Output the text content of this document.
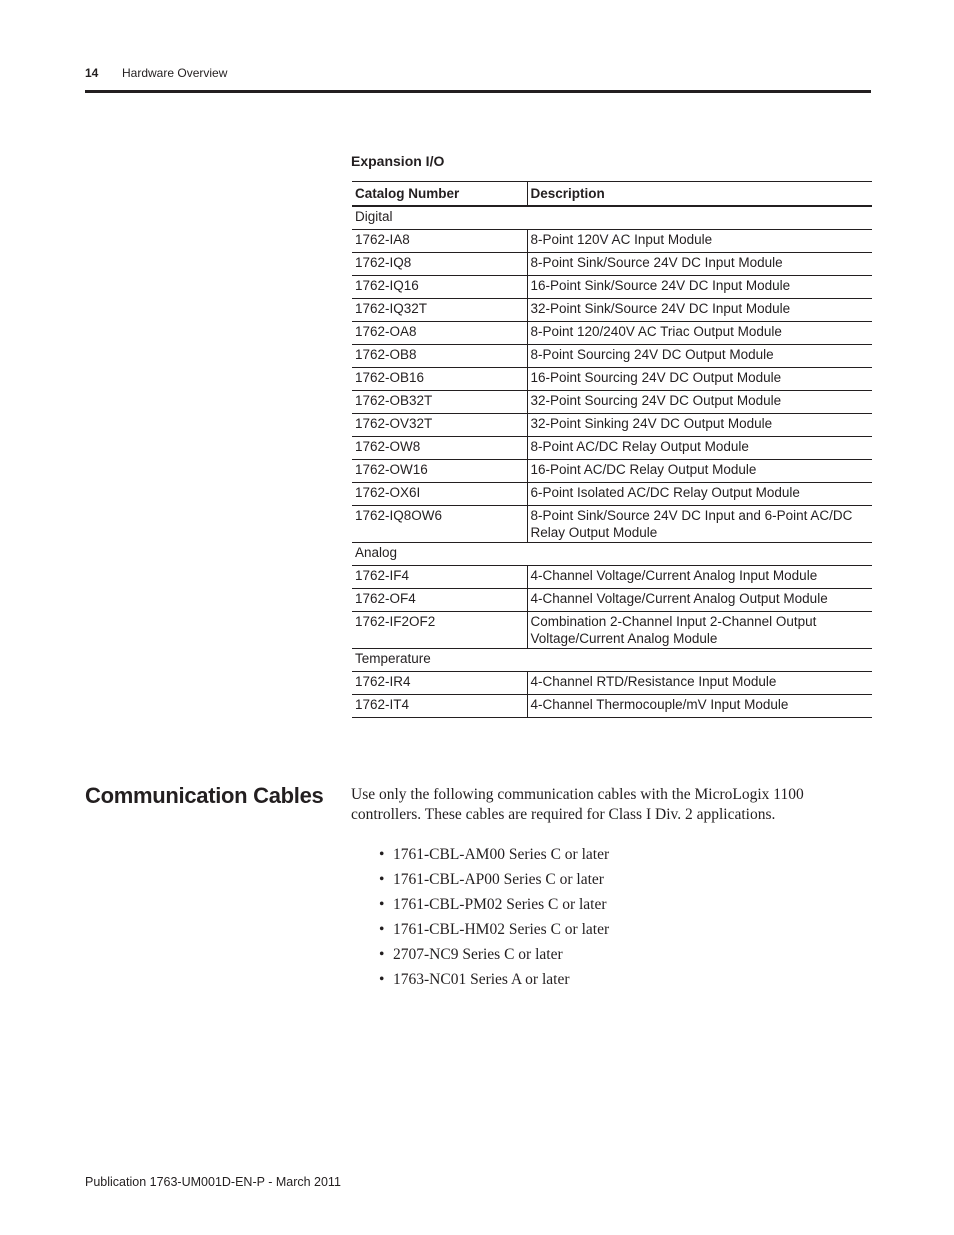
14 Hardware Overview
Expansion I/O
Catalog Number	Description
Digital	
1762-IA8	8-Point 120V AC Input Module
1762-IQ8	8-Point Sink/Source 24V DC Input Module
1762-IQ16	16-Point Sink/Source 24V DC Input Module
1762-IQ32T	32-Point Sink/Source 24V DC Input Module
1762-OA8	8-Point 120/240V AC Triac Output Module
1762-OB8	8-Point Sourcing 24V DC Output Module
1762-OB16	16-Point Sourcing 24V DC Output Module
1762-OB32T	32-Point Sourcing 24V DC Output Module
1762-OV32T	32-Point Sinking 24V DC Output Module
1762-OW8	8-Point AC/DC Relay Output Module
1762-OW16	16-Point AC/DC Relay Output Module
1762-OX6I	6-Point Isolated AC/DC Relay Output Module
1762-IQ8OW6	8-Point Sink/Source 24V DC Input and 6-Point AC/DC Relay Output Module
Analog	
1762-IF4	4-Channel Voltage/Current Analog Input Module
1762-OF4	4-Channel Voltage/Current Analog Output Module
1762-IF2OF2	Combination 2-Channel Input 2-Channel Output Voltage/Current Analog Module
Temperature	
1762-IR4	4-Channel RTD/Resistance Input Module
1762-IT4	4-Channel Thermocouple/mV Input Module
Communication Cables Use only the following communication cables with the MicroLogix 1100 controllers. These cables are required for Class I Div. 2 applications.

• 1761-CBL-AM00 Series C or later
• 1761-CBL-AP00 Series C or later
• 1761-CBL-PM02 Series C or later
• 1761-CBL-HM02 Series C or later
• 2707-NC9 Series C or later
• 1763-NC01 Series A or later
Publication 1763-UM001D-EN-P - March 2011
